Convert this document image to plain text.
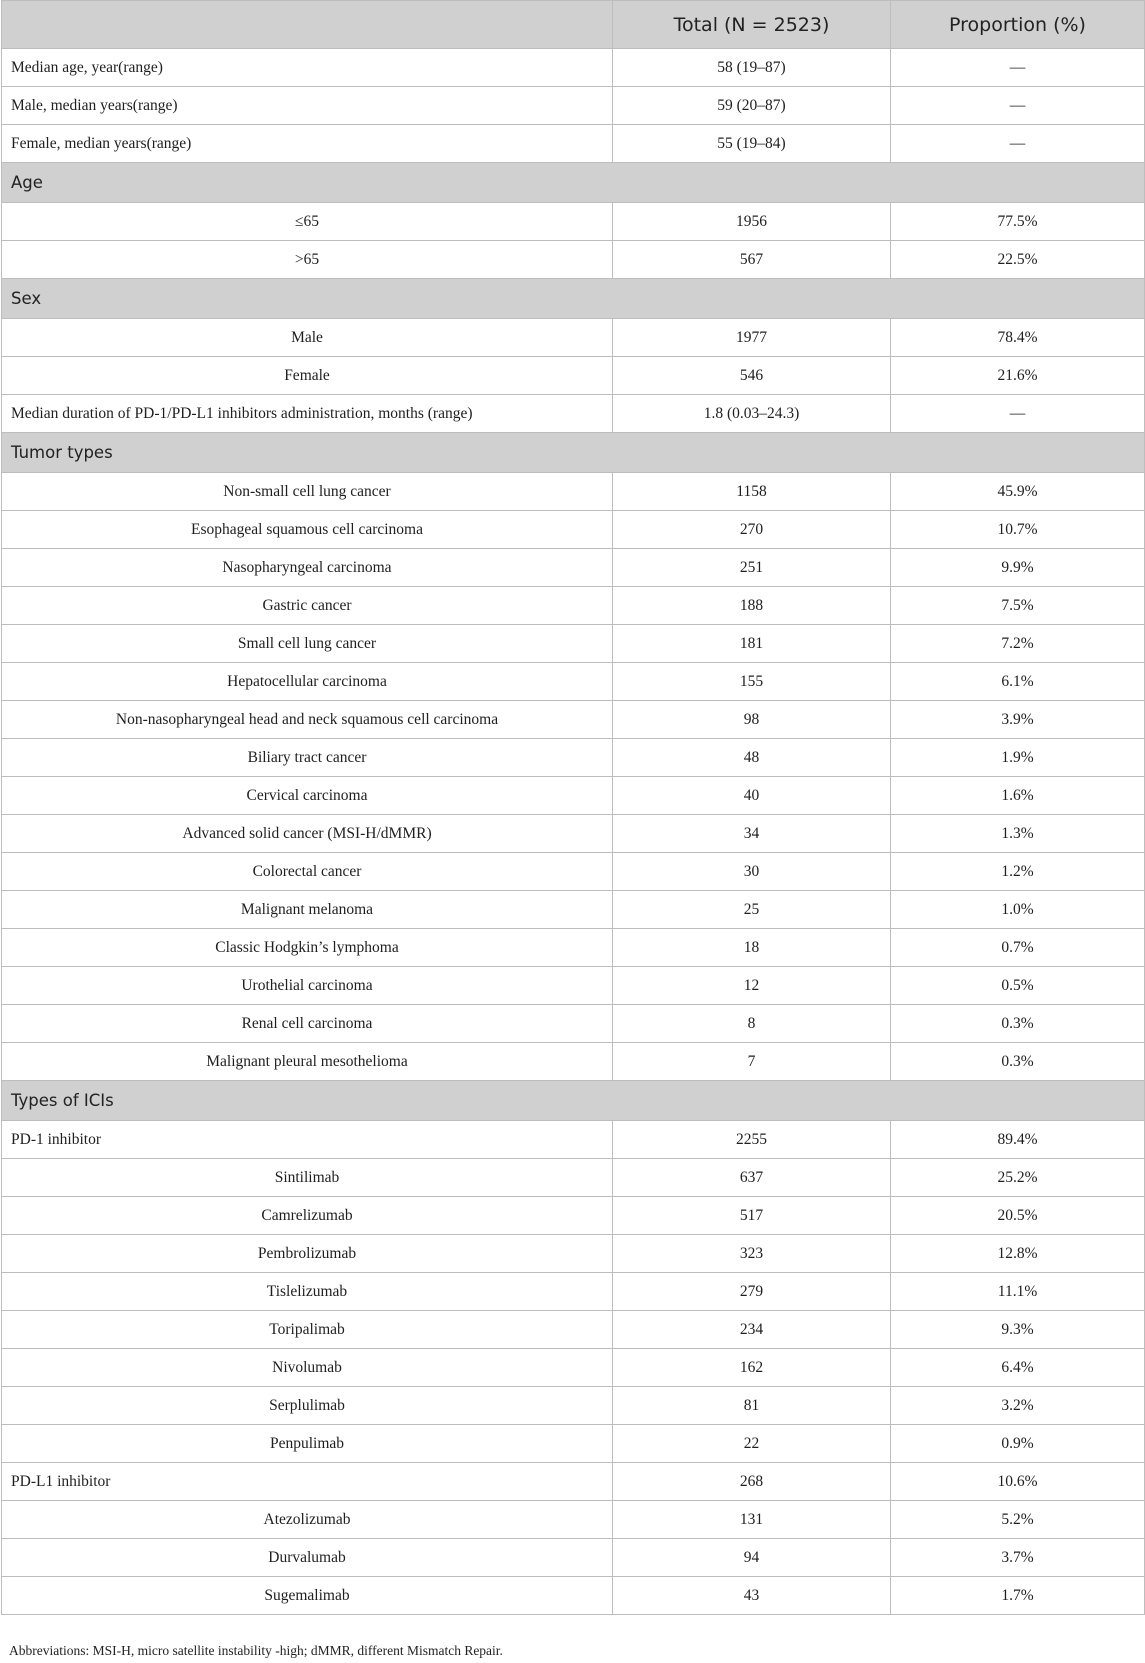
	Total (N = 2523)	Proportion (%)
Median age, year(range)	58 (19–87)	—
Male, median years(range)	59 (20–87)	—
Female, median years(range)	55 (19–84)	—
Age		
≤65	1956	77.5%
>65	567	22.5%
Sex		
Male	1977	78.4%
Female	546	21.6%
Median duration of PD-1/PD-L1 inhibitors administration, months (range)	1.8 (0.03–24.3)	—
Tumor types		
Non-small cell lung cancer	1158	45.9%
Esophageal squamous cell carcinoma	270	10.7%
Nasopharyngeal carcinoma	251	9.9%
Gastric cancer	188	7.5%
Small cell lung cancer	181	7.2%
Hepatocellular carcinoma	155	6.1%
Non-nasopharyngeal head and neck squamous cell carcinoma	98	3.9%
Biliary tract cancer	48	1.9%
Cervical carcinoma	40	1.6%
Advanced solid cancer (MSI-H/dMMR)	34	1.3%
Colorectal cancer	30	1.2%
Malignant melanoma	25	1.0%
Classic Hodgkin’s lymphoma	18	0.7%
Urothelial carcinoma	12	0.5%
Renal cell carcinoma	8	0.3%
Malignant pleural mesothelioma	7	0.3%
Types of ICIs		
PD-1 inhibitor	2255	89.4%
Sintilimab	637	25.2%
Camrelizumab	517	20.5%
Pembrolizumab	323	12.8%
Tislelizumab	279	11.1%
Toripalimab	234	9.3%
Nivolumab	162	6.4%
Serplulimab	81	3.2%
Penpulimab	22	0.9%
PD-L1 inhibitor	268	10.6%
Atezolizumab	131	5.2%
Durvalumab	94	3.7%
Sugemalimab	43	1.7%
Abbreviations: MSI-H, micro satellite instability -high; dMMR, different Mismatch Repair.
